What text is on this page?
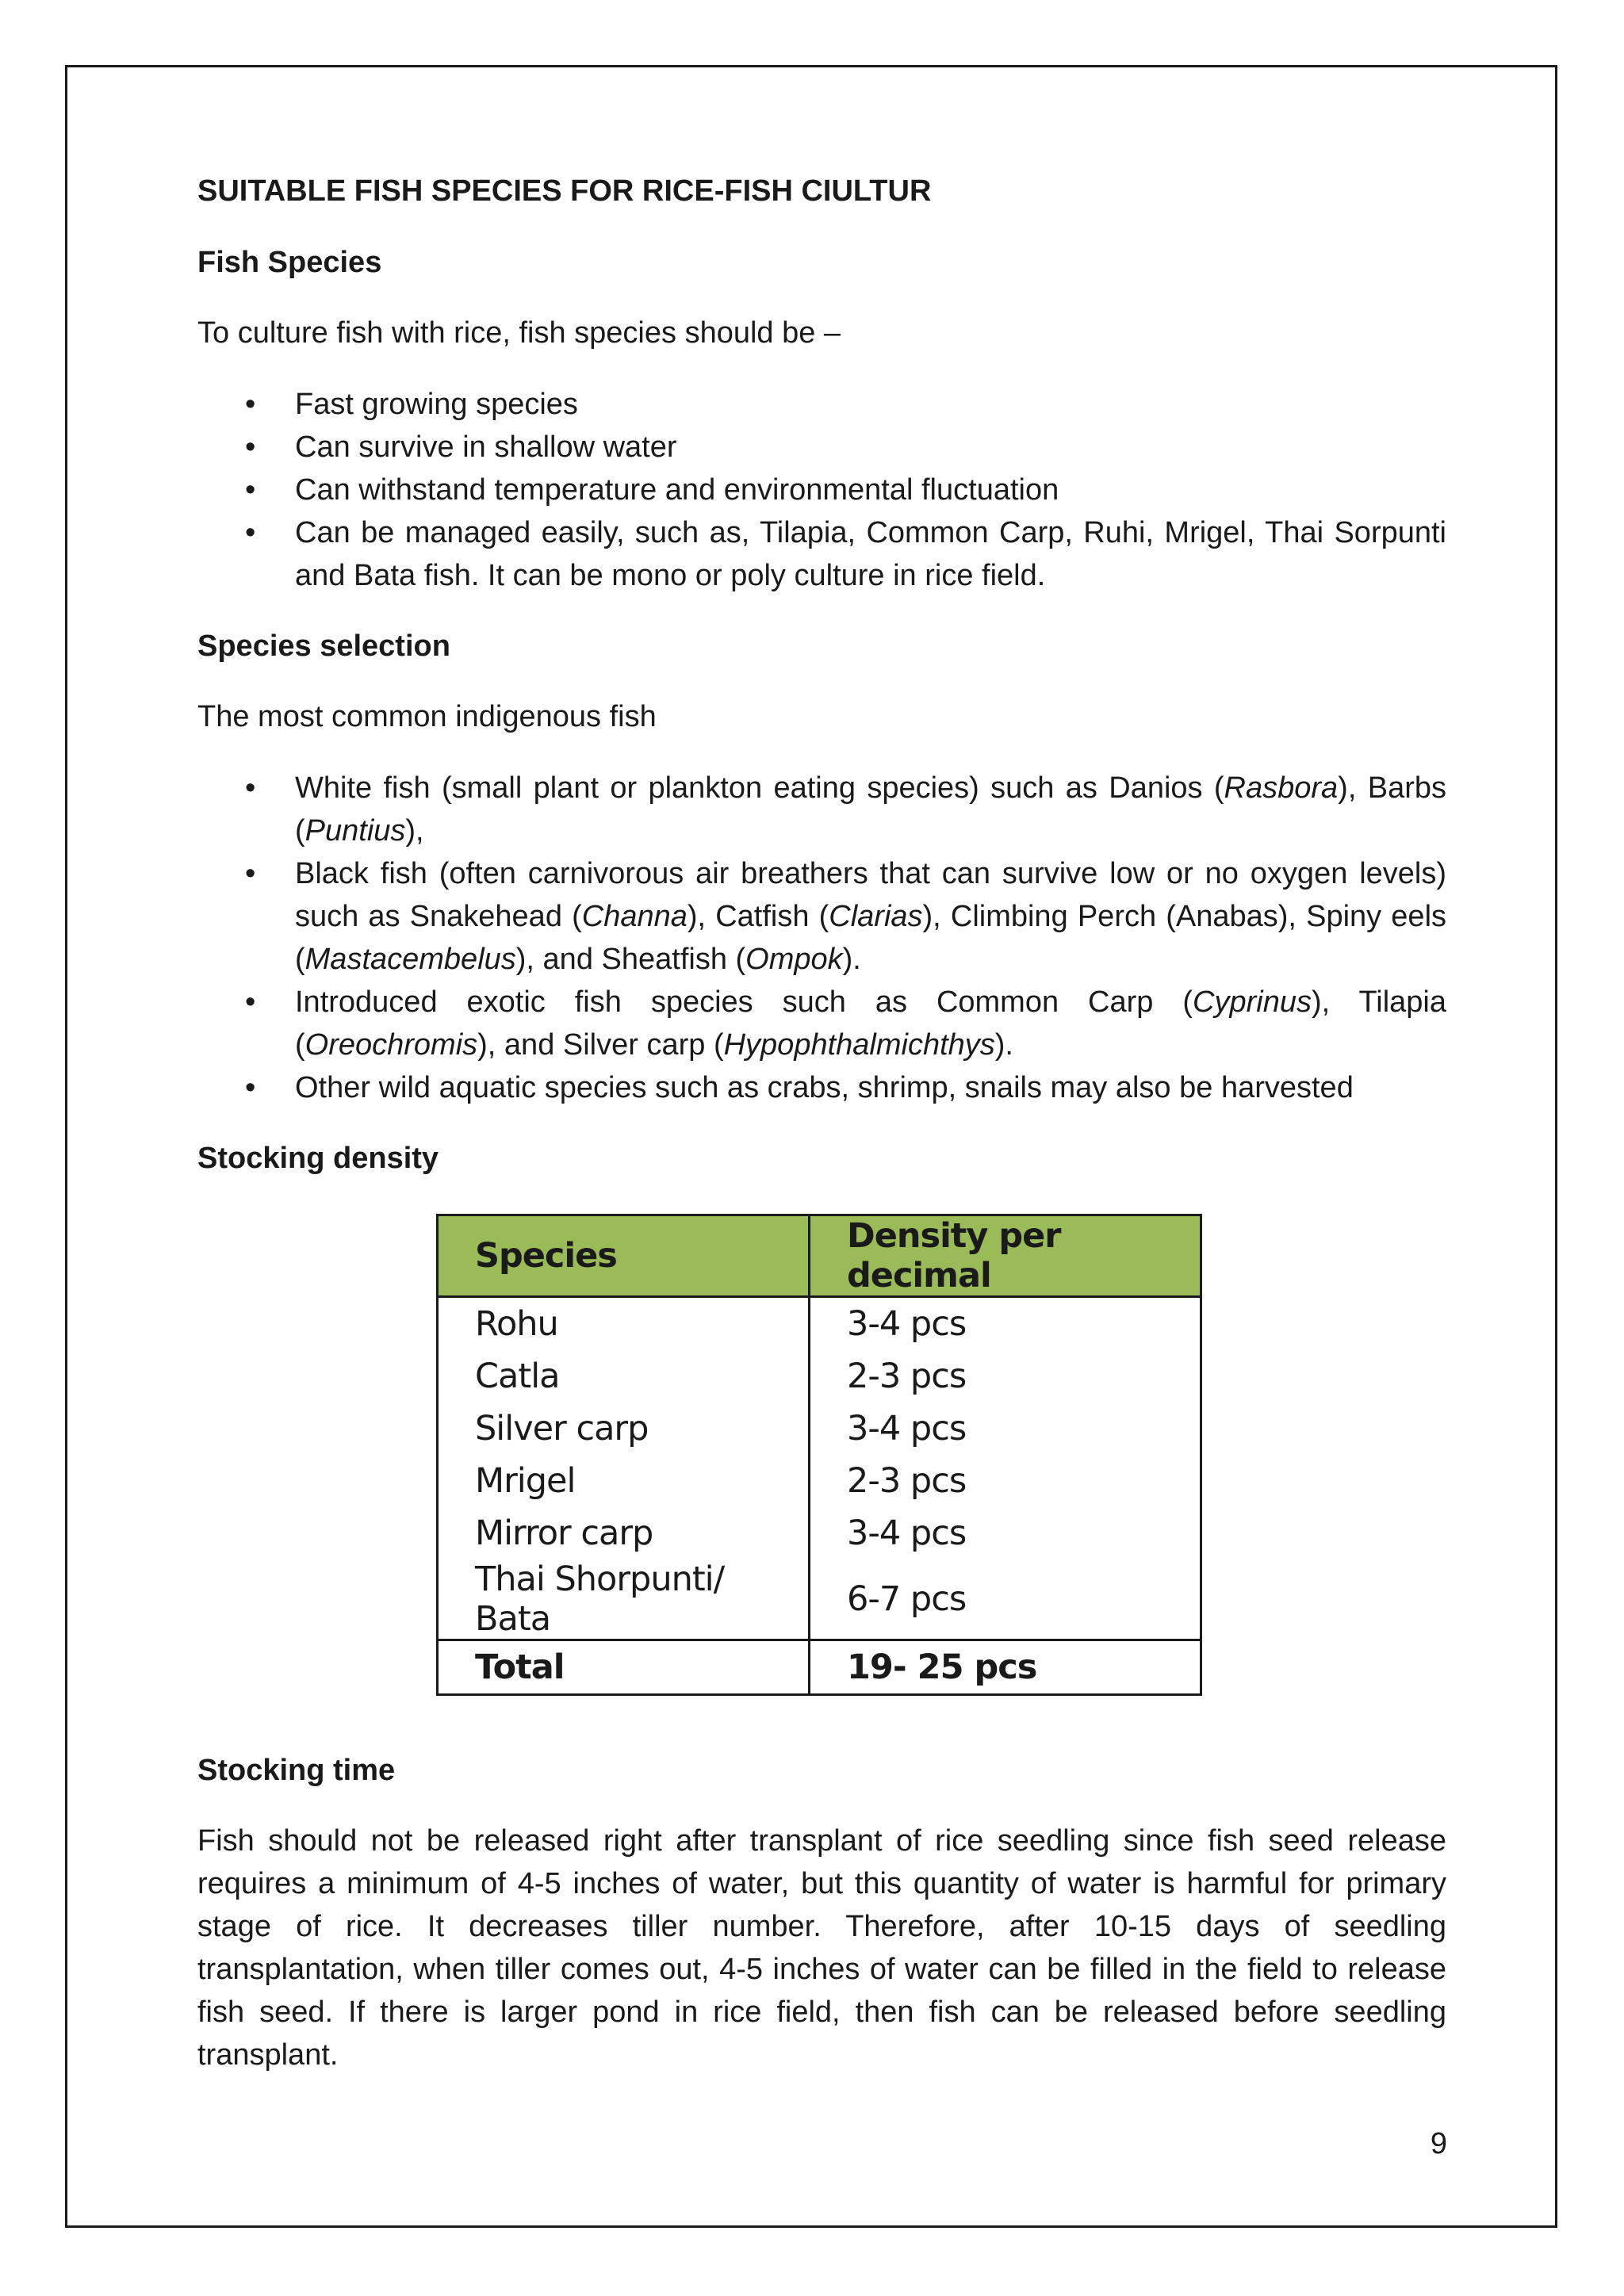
SUITABLE FISH SPECIES FOR RICE-FISH CIULTUR
Fish Species
To culture fish with rice, fish species should be –
• Fast growing species
• Can survive in shallow water
• Can withstand temperature and environmental fluctuation
• Can be managed easily, such as, Tilapia, Common Carp, Ruhi, Mrigel, Thai Sorpunti and Bata fish. It can be mono or poly culture in rice field.
Species selection
The most common indigenous fish
• White fish (small plant or plankton eating species) such as Danios (Rasbora), Barbs (Puntius),
• Black fish (often carnivorous air breathers that can survive low or no oxygen levels) such as Snakehead (Channa), Catfish (Clarias), Climbing Perch (Anabas), Spiny eels (Mastacembelus), and Sheatfish (Ompok).
• Introduced exotic fish species such as Common Carp (Cyprinus), Tilapia (Oreochromis), and Silver carp (Hypophthalmichthys).
• Other wild aquatic species such as crabs, shrimp, snails may also be harvested
Stocking density
Species	Density per decimal
Rohu	3-4 pcs
Catla	2-3 pcs
Silver carp	3-4 pcs
Mrigel	2-3 pcs
Mirror carp	3-4 pcs
Thai Shorpunti/ Bata	6-7 pcs
Total	19- 25 pcs
Stocking time
Fish should not be released right after transplant of rice seedling since fish seed release requires a minimum of 4-5 inches of water, but this quantity of water is harmful for primary stage of rice. It decreases tiller number. Therefore, after 10-15 days of seedling transplantation, when tiller comes out, 4-5 inches of water can be filled in the field to release fish seed. If there is larger pond in rice field, then fish can be released before seedling transplant.
9
